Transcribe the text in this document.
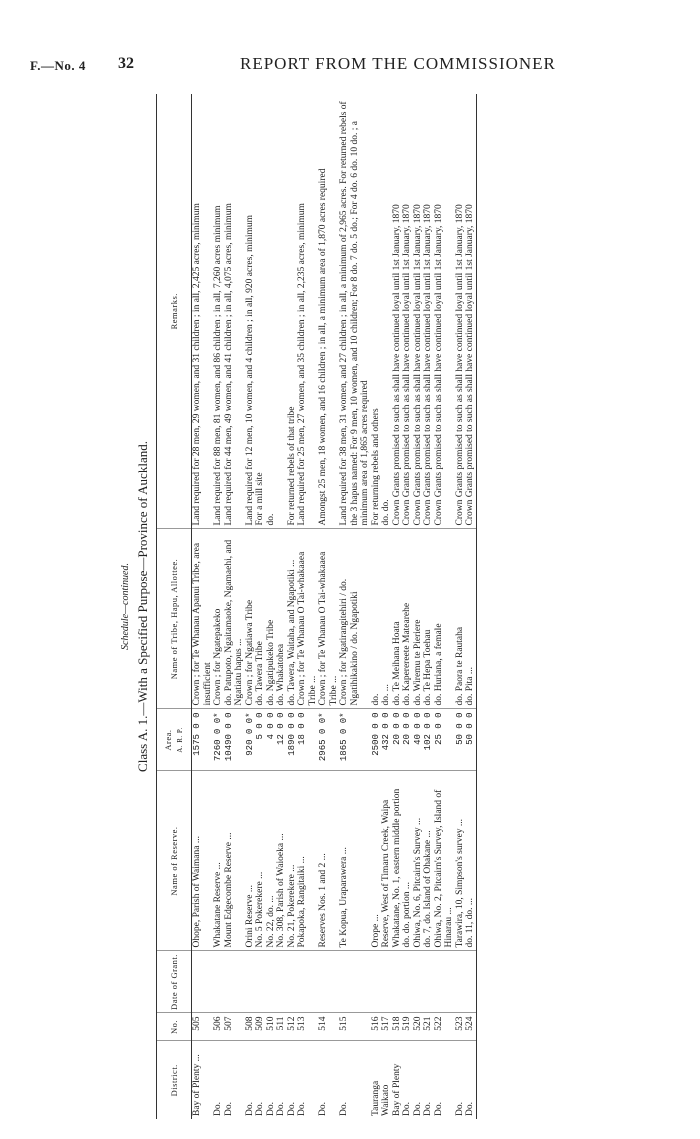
F.—No. 4 32	REPORT FROM THE COMMISSIONER
Schedule—continued. Class A. 1.—With a Specified Purpose—Province of Auckland.
District.	No.	Date of Grant.	Name of Reserve.	Area. A. R. P.	Name of Tribe, Hapu, Allottee.	Remarks.
Bay of Plenty ...	505		Ohope, Parish of Waimana ...	1575 0 0	Crown ; for Te Whanau Apanui Tribe, area insufficient	Land required for 28 men, 29 women, and 31 children ; in all, 2,425 acres, minimum
Do.	506		Whakatane Reserve ...	7260 0 0*	Crown ; for Ngatepakeko	Land required for 88 men, 81 women, and 86 children ; in all, 7,260 acres minimum
Do.	507		Mount Edgecombe Reserve ...	10490 0 0	do. Patupoto, Ngaitamaoke, Ngamaehi, and Ngatiatu hapus ...	Land required for 44 men, 49 women, and 41 children ; in all, 4,075 acres, minimum
Do.	508		Orini Reserve ...	920 0 0*	Crown ; for Ngatiawa Tribe	Land required for 12 men, 10 women, and 4 children ; in all, 920 acres, minimum
Do.	509		No. 5 Pokerekere ...	5 0 0	do. Tawera Tribe	For a mill site
Do.	510		No. 22, do. ...	4 0 0	do. Ngatipukeko Tribe	do.
Do.	511		No. 308, Parish of Waioeka ...	12 0 0	do. Whakatohea	
Do.	512		No. 21, Pokerekere ...	1890 0 0	do. Tawera, Waitaha, and Ngapotiki ...	For returned rebels of that tribe
Do.	513		Pokapoka, Rangitaiki ...	18 0 0	Crown ; for Te Whanau O Tai-whakaaea Tribe ...	Land required for 25 men, 27 women, and 35 children ; in all, 2,235 acres, minimum
Do.	514		Reserves Nos. 1 and 2 ...	2965 0 0*	Crown ; for Te Whanau O Tai-whakaaea Tribe ...	Amongst 25 men, 18 women, and 16 children ; in all, a minimum area of 1,870 acres required
Do.	515		Te Kopua, Uraparawera ...	1865 0 0*	Crown ; for Ngatirangitehiri / do. Ngatihikakino / do. Ngapotiki	Land required for 38 men, 31 women, and 27 children ; in all, a minimum of 2,965 acres. For returned rebels of the 3 hapus named: For 9 men, 10 women, and 10 children; For 8 do. 7 do. 5 do.; For 4 do. 6 do. 10 do. ; a minimum area of 1,865 acres required
Tauranga	516		Orope ...	2500 0 0	do.	For returning rebels and others
Waikato	517		Reserve, West of Timaru Creek, Waipa	432 0 0	do. ...	do. do.
Bay of Plenty	518		Whakatane, No. 1, eastern middle portion	20 0 0	do. Te Meihana Hoata	Crown Grants promised to such as shall have continued loyal until 1st January, 1870
Do.	519		do. do. portion ...	20 0 0	do. Kaperereete Matearehe	Crown Grants promised to such as shall have continued loyal until 1st January, 1870
Do.	520		Ohiwa, No. 6, Pitcairn's Survey ...	40 0 0	do. Wiremu te Pieriere	Crown Grants promised to such as shall have continued loyal until 1st January, 1870
Do.	521		do. 7, do. Island of Ohakane ...	102 0 0	do. Te Hepa Toehau	Crown Grants promised to such as shall have continued loyal until 1st January, 1870
Do.	522		Ohiwa, No. 2, Pitcairn's Survey, Island of Hinarau ...	25 0 0	do. Huriana, a female	Crown Grants promised to such as shall have continued loyal until 1st January, 1870
Do.	523		Tarawira, 10, Simpson's survey ...	50 0 0	do. Paora te Rautaha	Crown Grants promised to such as shall have continued loyal until 1st January, 1870
Do.	524		do. 11, do. ...	50 0 0	do. Pita ...	Crown Grants promised to such as shall have continued loyal until 1st January, 1870
